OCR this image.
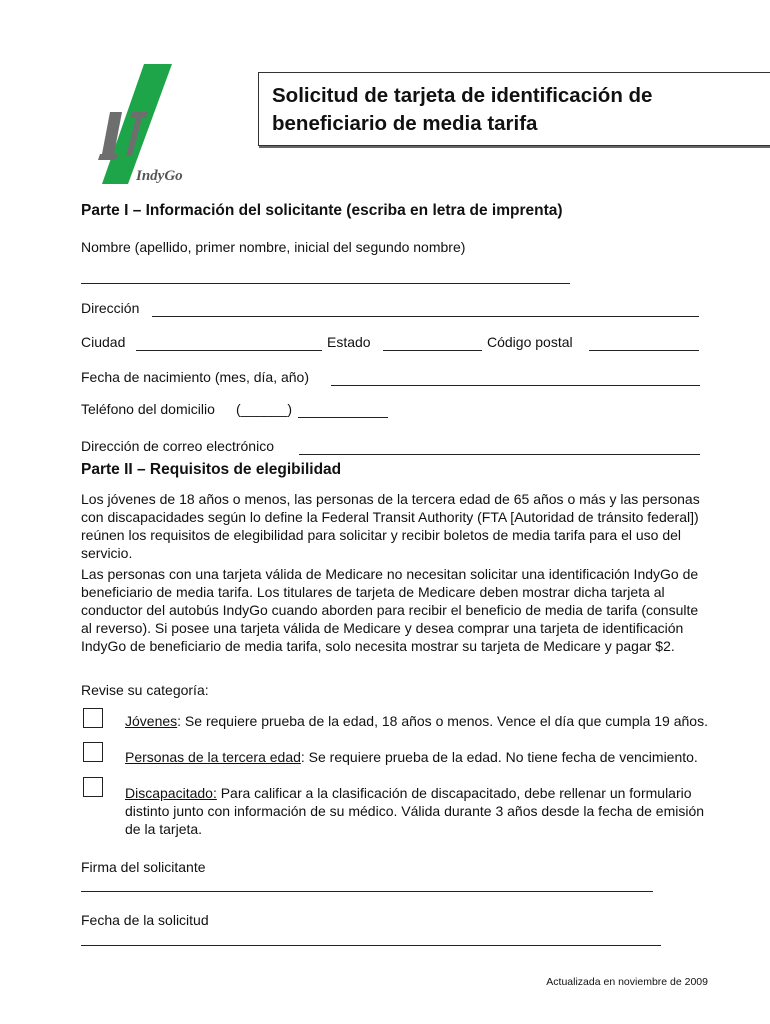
IndyGo
Solicitud de tarjeta de identificación de beneficiario de media tarifa
Parte I – Información del solicitante (escriba en letra de imprenta)
Nombre (apellido, primer nombre, inicial del segundo nombre)
Dirección
Ciudad	Estado	Código postal
Fecha de nacimiento (mes, día, año)
Teléfono del domicilio (______)
Dirección de correo electrónico
Parte II – Requisitos de elegibilidad

Los jóvenes de 18 años o menos, las personas de la tercera edad de 65 años o más y las personas con discapacidades según lo define la Federal Transit Authority (FTA [Autoridad de tránsito federal]) reúnen los requisitos de elegibilidad para solicitar y recibir boletos de media tarifa para el uso del servicio.

Las personas con una tarjeta válida de Medicare no necesitan solicitar una identificación IndyGo de beneficiario de media tarifa. Los titulares de tarjeta de Medicare deben mostrar dicha tarjeta al conductor del autobús IndyGo cuando aborden para recibir el beneficio de media de tarifa (consulte al reverso). Si posee una tarjeta válida de Medicare y desea comprar una tarjeta de identificación IndyGo de beneficiario de media tarifa, solo necesita mostrar su tarjeta de Medicare y pagar $2.

Revise su categoría:
Jóvenes: Se requiere prueba de la edad, 18 años o menos. Vence el día que cumpla 19 años.
Personas de la tercera edad: Se requiere prueba de la edad. No tiene fecha de vencimiento.
Discapacitado: Para calificar a la clasificación de discapacitado, debe rellenar un formulario distinto junto con información de su médico. Válida durante 3 años desde la fecha de emisión de la tarjeta.
Firma del solicitante
Fecha de la solicitud
Actualizada en noviembre de 2009
